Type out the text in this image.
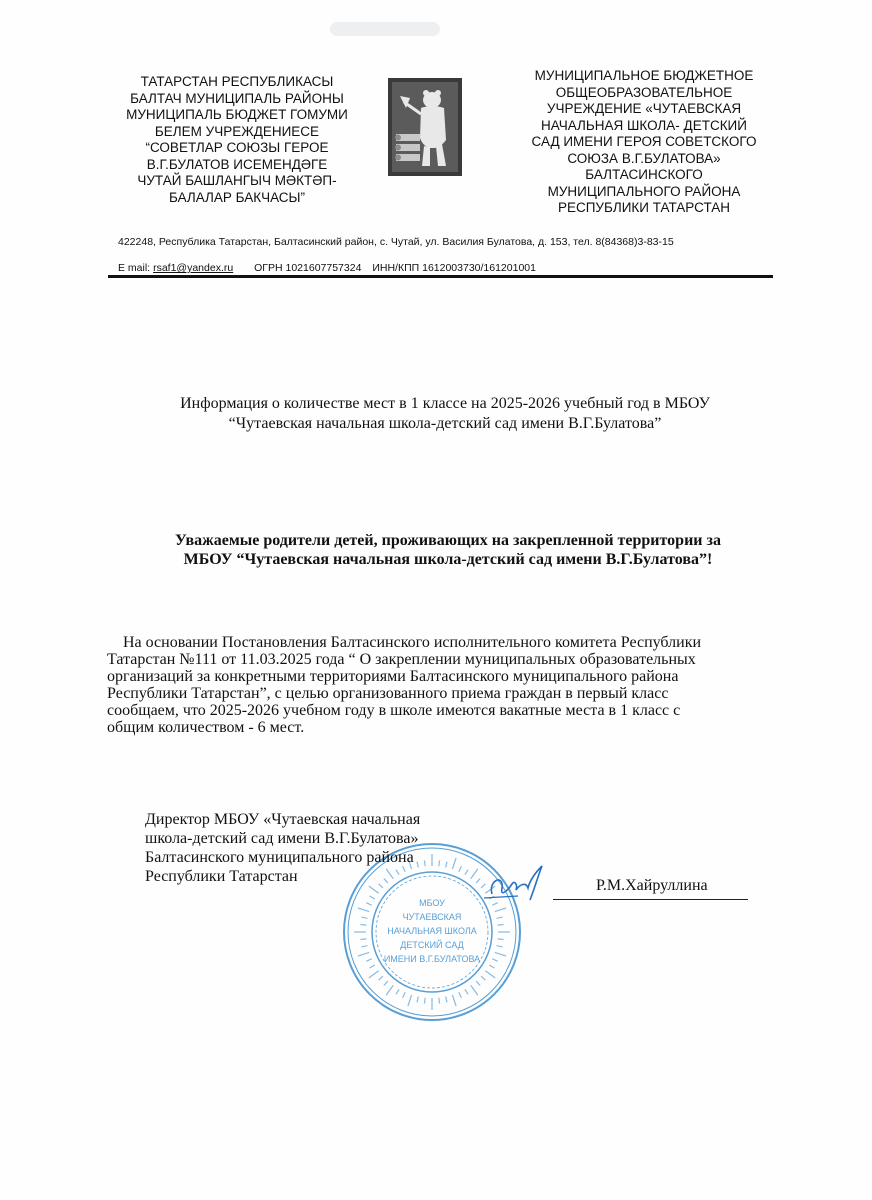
ТАТАРСТАН РЕСПУБЛИКАСЫ
БАЛТАЧ МУНИЦИПАЛЬ РАЙОНЫ
МУНИЦИПАЛЬ БЮДЖЕТ ГОМУМИ
БЕЛЕМ УЧРЕЖДЕНИЕСЕ
“СОВЕТЛАР СОЮЗЫ ГЕРОЕ
В.Г.БУЛАТОВ ИСЕМЕНДӘГЕ
ЧУТАЙ БАШЛАНГЫЧ МӘКТӘП-
БАЛАЛАР БАКЧАСЫ”
МУНИЦИПАЛЬНОЕ БЮДЖЕТНОЕ
ОБЩЕОБРАЗОВАТЕЛЬНОЕ
УЧРЕЖДЕНИЕ «ЧУТАЕВСКАЯ
НАЧАЛЬНАЯ ШКОЛА- ДЕТСКИЙ
САД ИМЕНИ ГЕРОЯ СОВЕТСКОГО
СОЮЗА В.Г.БУЛАТОВА»
БАЛТАСИНСКОГО
МУНИЦИПАЛЬНОГО РАЙОНА
РЕСПУБЛИКИ ТАТАРСТАН
422248, Республика Татарстан, Балтасинский район, с. Чутай, ул. Василия Булатова, д. 153, тел. 8(84368)3-83-15
E mail: rsaf1@yandex.ru ОГРН 1021607757324 ИНН/КПП 1612003730/161201001
Информация о количестве мест в 1 классе на 2025-2026 учебный год в МБОУ
“Чутаевская начальная школа-детский сад имени В.Г.Булатова”
Уважаемые родители детей, проживающих на закрепленной территории за
МБОУ “Чутаевская начальная школа-детский сад имени В.Г.Булатова”!
На основании Постановления Балтасинского исполнительного комитета Республики
Татарстан №111 от 11.03.2025 года “ О закреплении муниципальных образовательных
организаций за конкретными территориями Балтасинского муниципального района
Республики Татарстан”, с целью организованного приема граждан в первый класс
сообщаем, что 2025-2026 учебном году в школе имеются вакатные места в 1 класс с
общим количеством - 6 мест.
МБОУ
ЧУТАЕВСКАЯ
НАЧАЛЬНАЯ ШКОЛА
ДЕТСКИЙ САД
ИМЕНИ В.Г.БУЛАТОВА
Директор МБОУ «Чутаевская начальная
школа-детский сад имени В.Г.Булатова»
Балтасинского муниципального района
Республики Татарстан
Р.М.Хайруллина
